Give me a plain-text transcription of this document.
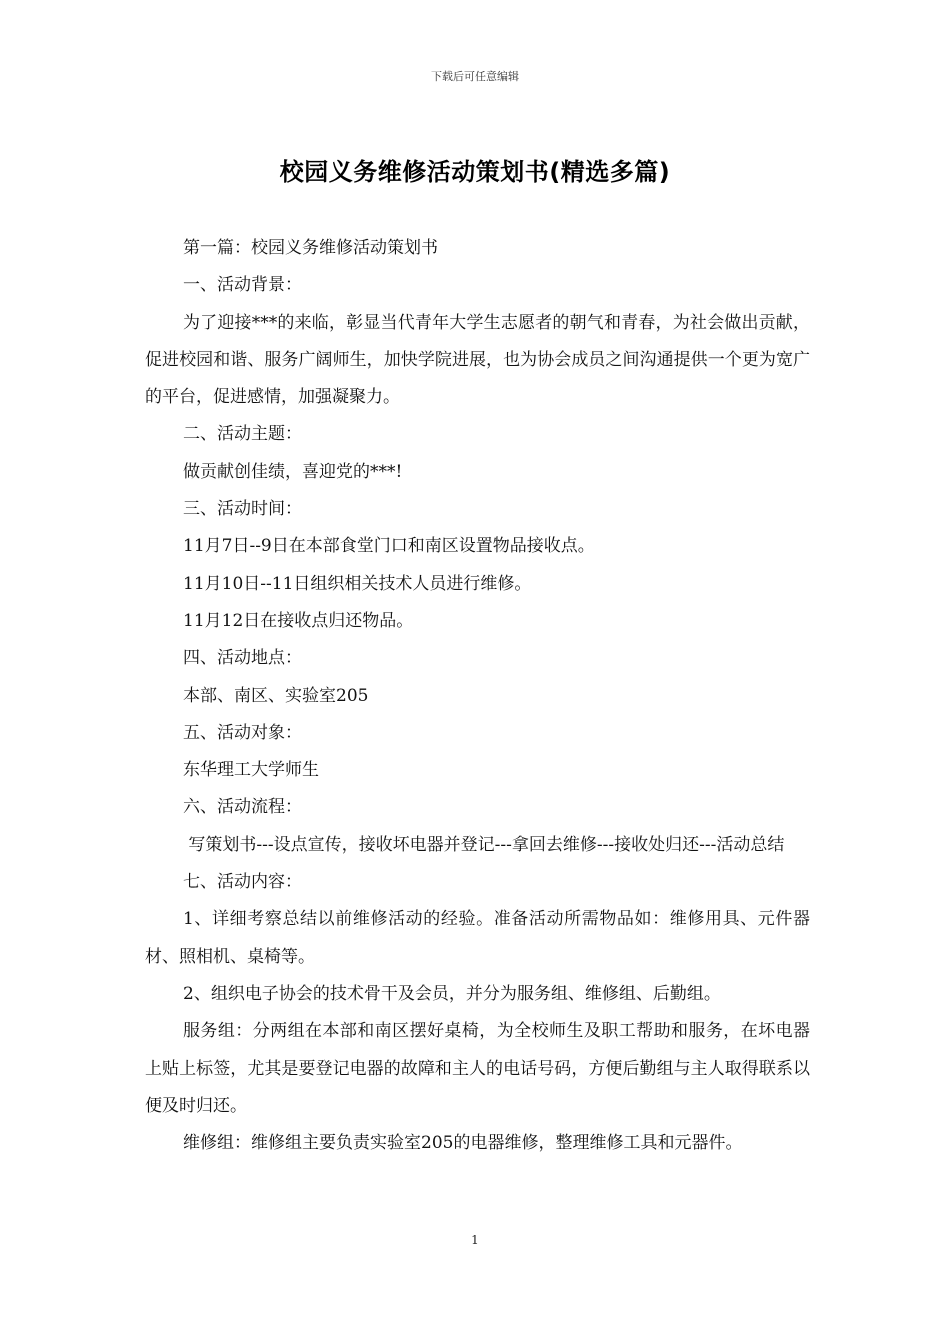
下载后可任意编辑
校园义务维修活动策划书(精选多篇)

第一篇：校园义务维修活动策划书

一、活动背景：

为了迎接***的来临，彰显当代青年大学生志愿者的朝气和青春，为社会做出贡献，促进校园和谐、服务广阔师生，加快学院进展，也为协会成员之间沟通提供一个更为宽广的平台，促进感情，加强凝聚力。

二、活动主题：

做贡献创佳绩，喜迎党的***!

三、活动时间：

11月7日--9日在本部食堂门口和南区设置物品接收点。

11月10日--11日组织相关技术人员进行维修。

11月12日在接收点归还物品。

四、活动地点：

本部、南区、实验室205

五、活动对象：

东华理工大学师生

六、活动流程：

写策划书---设点宣传，接收坏电器并登记---拿回去维修---接收处归还---活动总结

七、活动内容：

1、详细考察总结以前维修活动的经验。准备活动所需物品如：维修用具、元件器材、照相机、桌椅等。

2、组织电子协会的技术骨干及会员，并分为服务组、维修组、后勤组。

服务组：分两组在本部和南区摆好桌椅，为全校师生及职工帮助和服务，在坏电器上贴上标签，尤其是要登记电器的故障和主人的电话号码，方便后勤组与主人取得联系以便及时归还。

维修组：维修组主要负责实验室205的电器维修，整理维修工具和元器件。

1
